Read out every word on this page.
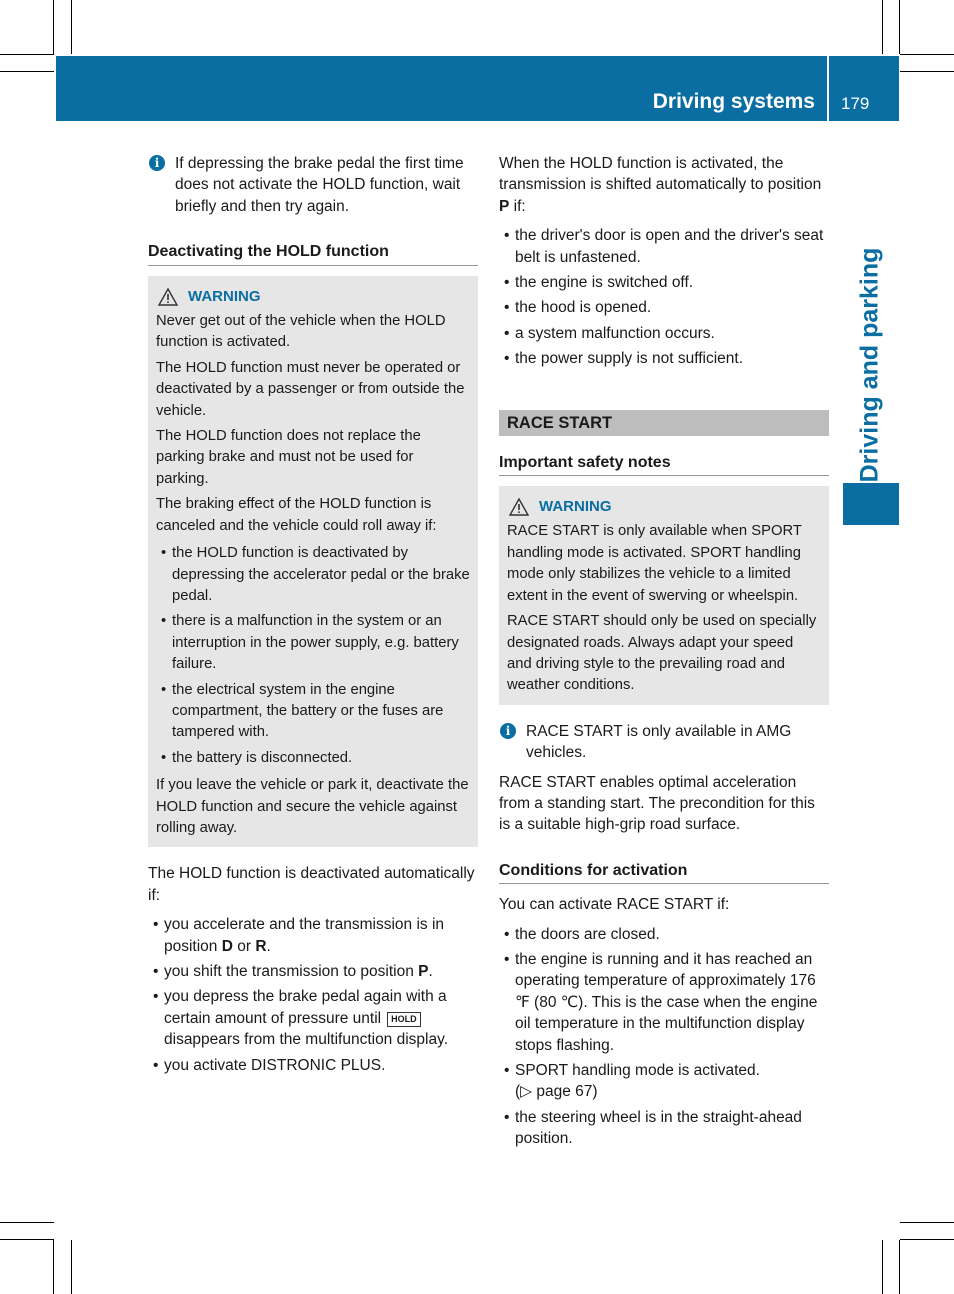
Driving systems 179
Driving and parking
i	If depressing the brake pedal the first time does not activate the HOLD function, wait briefly and then try again.
Deactivating the HOLD function
WARNING

Never get out of the vehicle when the HOLD function is activated.

The HOLD function must never be operated or deactivated by a passenger or from outside the vehicle.

The HOLD function does not replace the parking brake and must not be used for parking.

The braking effect of the HOLD function is canceled and the vehicle could roll away if:

• the HOLD function is deactivated by depressing the accelerator pedal or the brake pedal.
• there is a malfunction in the system or an interruption in the power supply, e.g. battery failure.
• the electrical system in the engine compartment, the battery or the fuses are tampered with.
• the battery is disconnected.

If you leave the vehicle or park it, deactivate the HOLD function and secure the vehicle against rolling away.

The HOLD function is deactivated automatically if:

• you accelerate and the transmission is in position D or R.
• you shift the transmission to position P.
• you depress the brake pedal again with a certain amount of pressure until HOLD disappears from the multifunction display.
• you activate DISTRONIC PLUS.

When the HOLD function is activated, the transmission is shifted automatically to position P if:

• the driver's door is open and the driver's seat belt is unfastened.
• the engine is switched off.
• the hood is opened.
• a system malfunction occurs.
• the power supply is not sufficient.
RACE START
Important safety notes
WARNING

RACE START is only available when SPORT handling mode is activated. SPORT handling mode only stabilizes the vehicle to a limited extent in the event of swerving or wheelspin.

RACE START should only be used on specially designated roads. Always adapt your speed and driving style to the prevailing road and weather conditions.

i	RACE START is only available in AMG vehicles.

RACE START enables optimal acceleration from a standing start. The precondition for this is a suitable high-grip road surface.

Conditions for activation

You can activate RACE START if:

• the doors are closed.
• the engine is running and it has reached an operating temperature of approximately 176 ℉ (80 ℃). This is the case when the engine oil temperature in the multifunction display stops flashing.
• SPORT handling mode is activated.
(▷ page 67)
• the steering wheel is in the straight-ahead position.
